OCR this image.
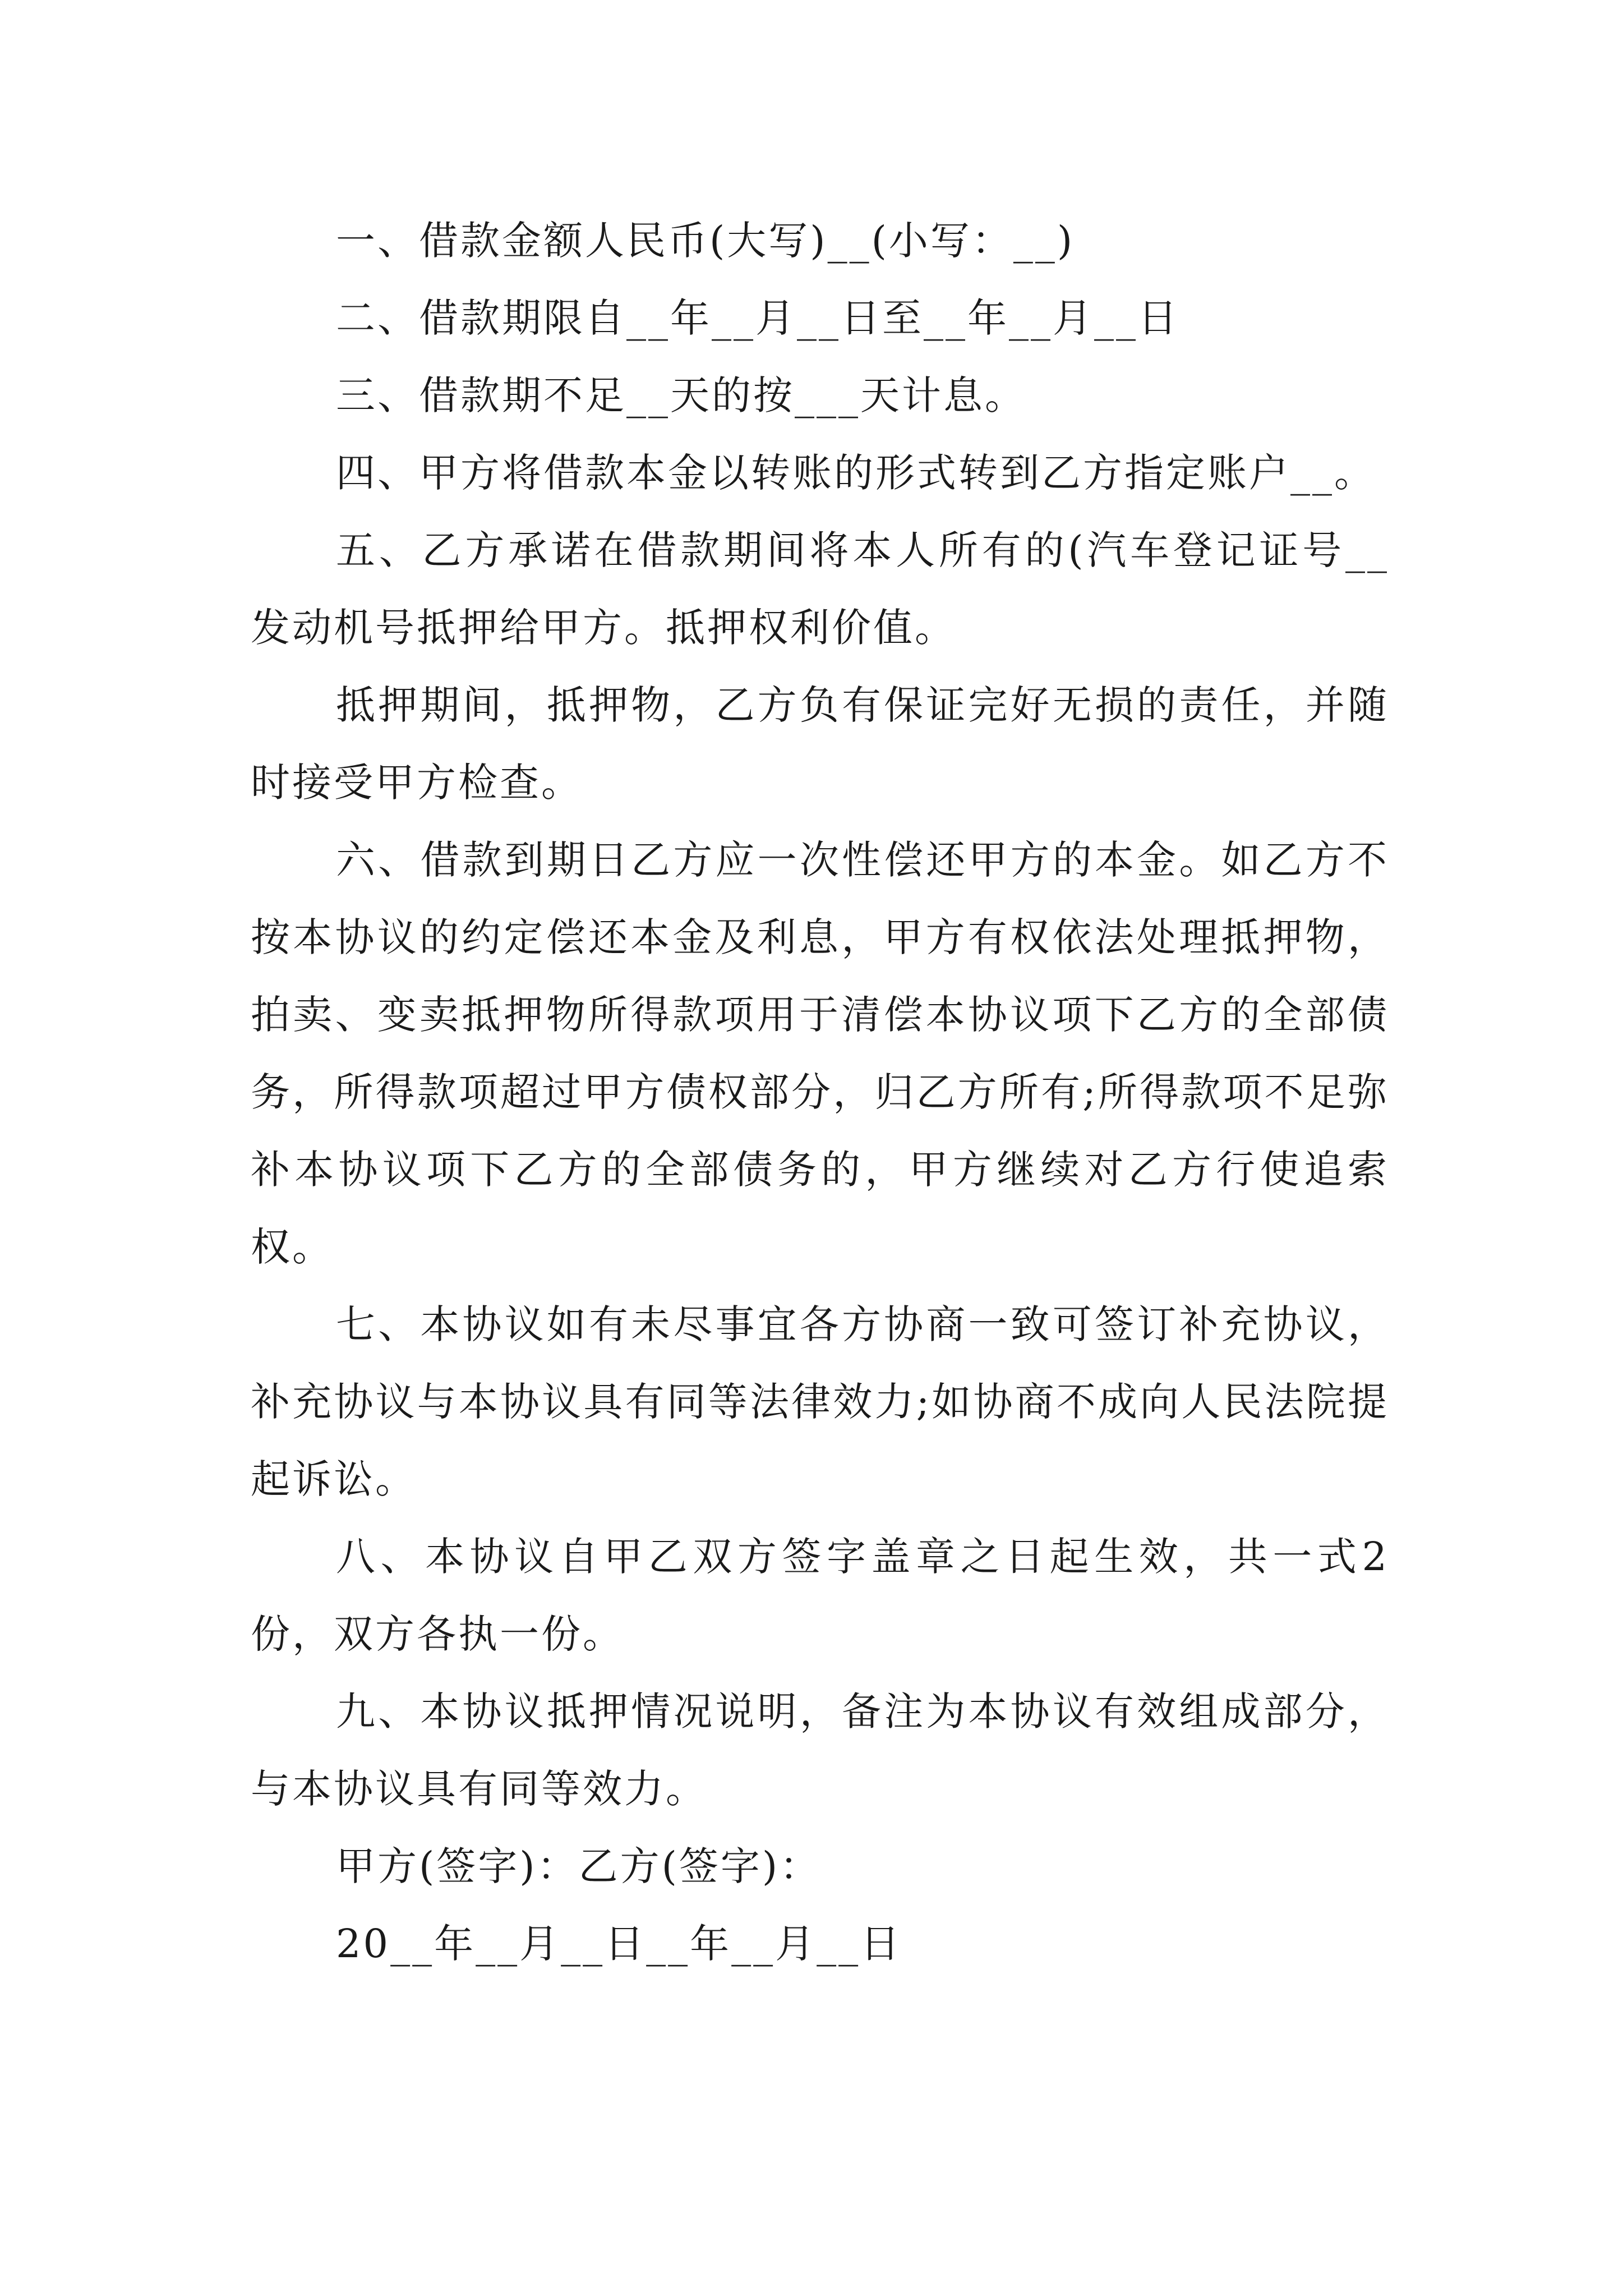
一、借款金额人民币(大写)__(小写：__)

二、借款期限自__年__月__日至__年__月__日

三、借款期不足__天的按___天计息。

四、甲方将借款本金以转账的形式转到乙方指定账户__。

五、乙方承诺在借款期间将本人所有的(汽车登记证号__发动机号抵押给甲方。抵押权利价值。

抵押期间，抵押物，乙方负有保证完好无损的责任，并随时接受甲方检查。

六、借款到期日乙方应一次性偿还甲方的本金。如乙方不按本协议的约定偿还本金及利息，甲方有权依法处理抵押物，拍卖、变卖抵押物所得款项用于清偿本协议项下乙方的全部债务，所得款项超过甲方债权部分，归乙方所有;所得款项不足弥补本协议项下乙方的全部债务的，甲方继续对乙方行使追索权。

七、本协议如有未尽事宜各方协商一致可签订补充协议，补充协议与本协议具有同等法律效力;如协商不成向人民法院提起诉讼。

八、本协议自甲乙双方签字盖章之日起生效，共一式2份，双方各执一份。

九、本协议抵押情况说明，备注为本协议有效组成部分，与本协议具有同等效力。

甲方(签字)：乙方(签字)：

20__年__月__日__年__月__日
